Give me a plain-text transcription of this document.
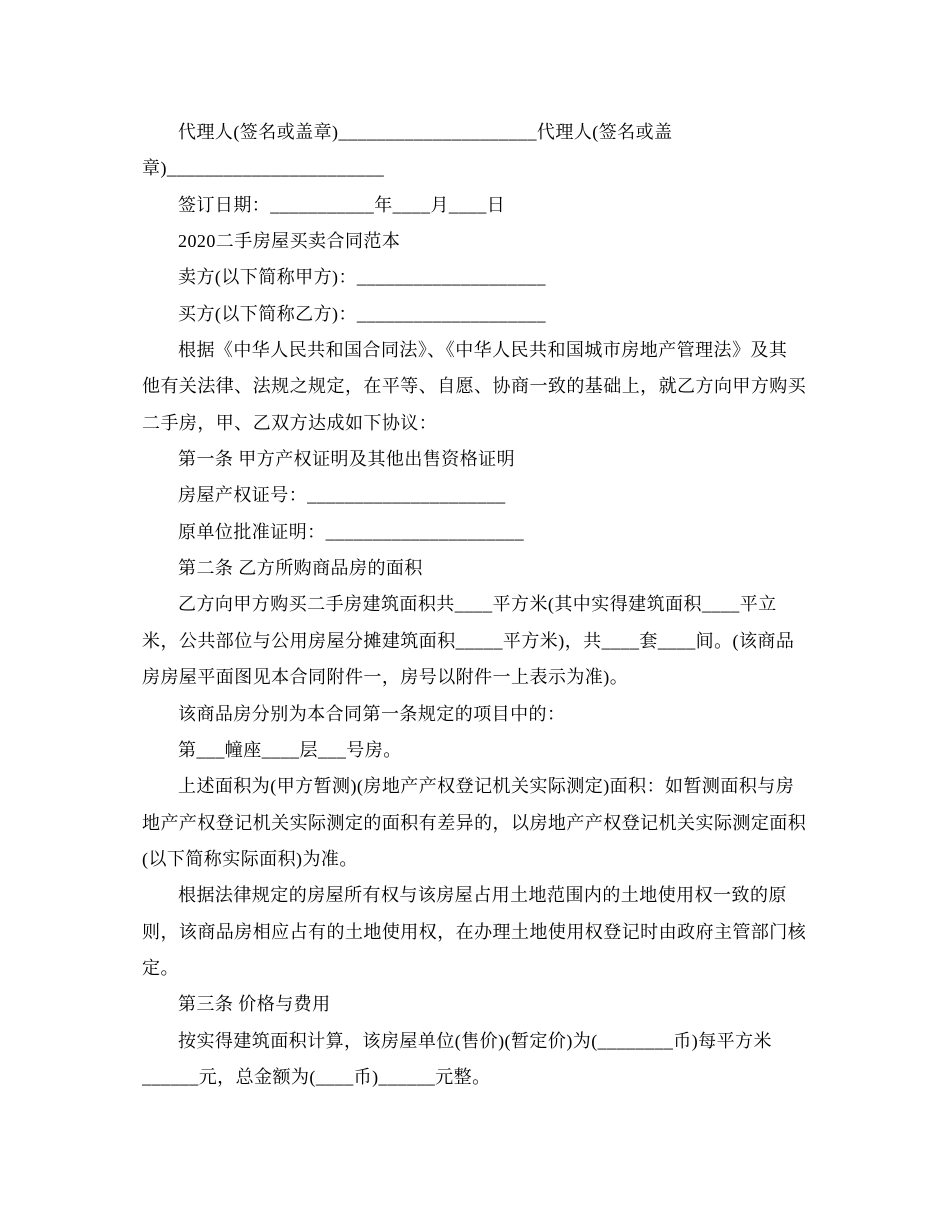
代理人(签名或盖章)_____________________代理人(签名或盖
章)_______________________
签订日期：___________年____月____日
2020二手房屋买卖合同范本
卖方(以下简称甲方)：____________________
买方(以下简称乙方)：____________________
根据《中华人民共和国合同法》、《中华人民共和国城市房地产管理法》及其
他有关法律、法规之规定，在平等、自愿、协商一致的基础上，就乙方向甲方购买
二手房，甲、乙双方达成如下协议：
第一条 甲方产权证明及其他出售资格证明
房屋产权证号：_____________________
原单位批准证明：_____________________
第二条 乙方所购商品房的面积
乙方向甲方购买二手房建筑面积共____平方米(其中实得建筑面积____平立
米，公共部位与公用房屋分摊建筑面积_____平方米)，共____套____间。(该商品
房房屋平面图见本合同附件一，房号以附件一上表示为准)。
该商品房分别为本合同第一条规定的项目中的：
第___幢座____层___号房。
上述面积为(甲方暂测)(房地产产权登记机关实际测定)面积：如暂测面积与房
地产产权登记机关实际测定的面积有差异的，以房地产产权登记机关实际测定面积
(以下简称实际面积)为准。
根据法律规定的房屋所有权与该房屋占用土地范围内的土地使用权一致的原
则，该商品房相应占有的土地使用权，在办理土地使用权登记时由政府主管部门核
定。
第三条 价格与费用
按实得建筑面积计算，该房屋单位(售价)(暂定价)为(________币)每平方米
______元，总金额为(____币)______元整。
